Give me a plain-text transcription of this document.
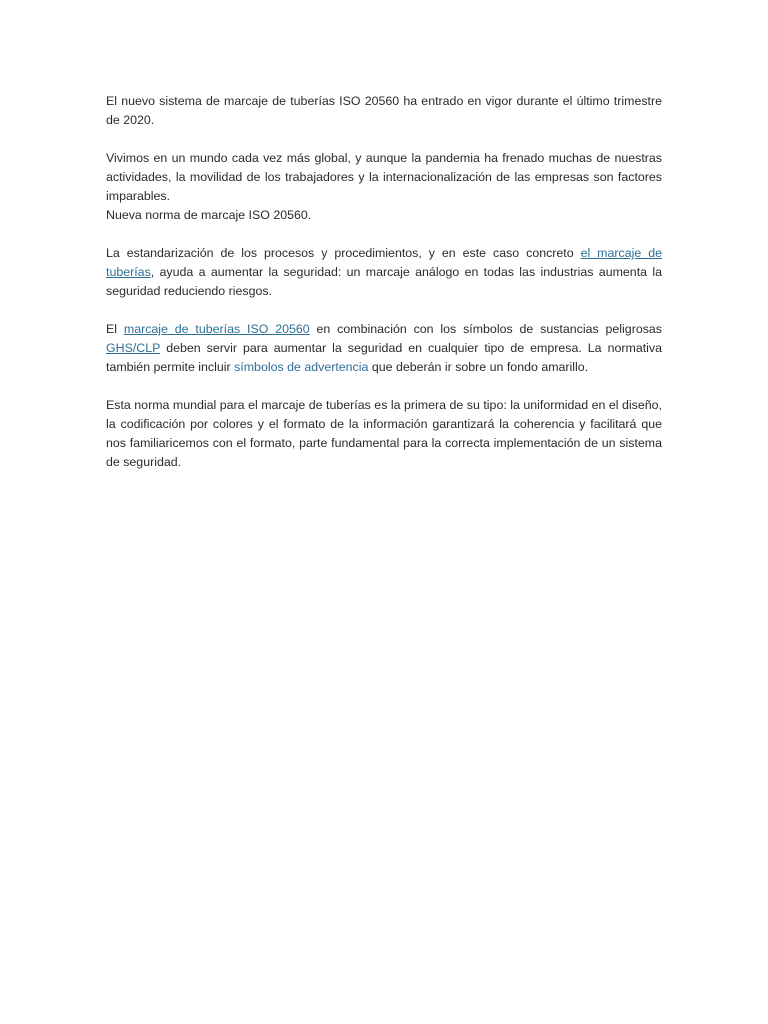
El nuevo sistema de marcaje de tuberías ISO 20560 ha entrado en vigor durante el último trimestre de 2020.

Vivimos en un mundo cada vez más global, y aunque la pandemia ha frenado muchas de nuestras actividades, la movilidad de los trabajadores y la internacionalización de las empresas son factores imparables.

Nueva norma de marcaje ISO 20560.

La estandarización de los procesos y procedimientos, y en este caso concreto el marcaje de tuberías, ayuda a aumentar la seguridad: un marcaje análogo en todas las industrias aumenta la seguridad reduciendo riesgos.

El marcaje de tuberías ISO 20560 en combinación con los símbolos de sustancias peligrosas GHS/CLP deben servir para aumentar la seguridad en cualquier tipo de empresa. La normativa también permite incluir símbolos de advertencia que deberán ir sobre un fondo amarillo.

Esta norma mundial para el marcaje de tuberías es la primera de su tipo: la uniformidad en el diseño, la codificación por colores y el formato de la información garantizará la coherencia y facilitará que nos familiaricemos con el formato, parte fundamental para la correcta implementación de un sistema de seguridad.
